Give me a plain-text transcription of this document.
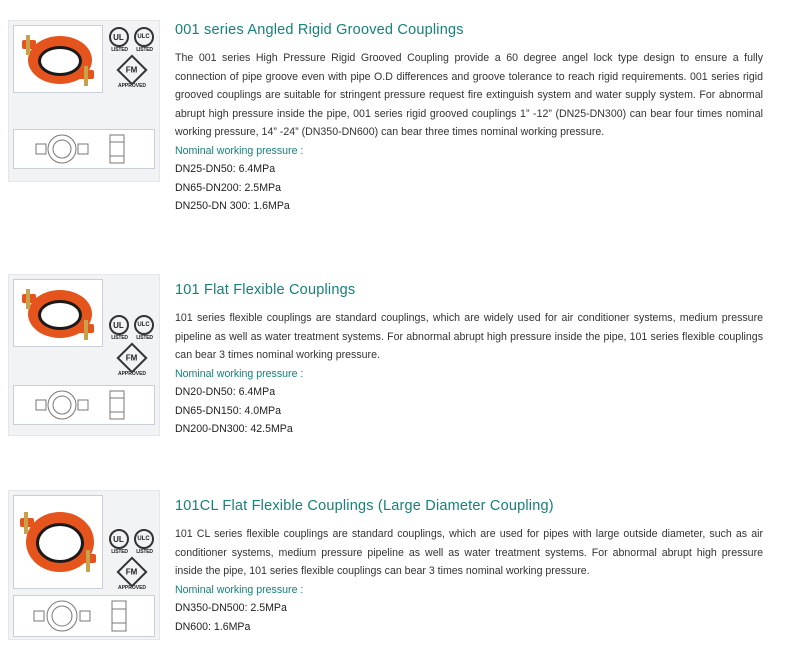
UL
LISTED
ULC
LISTED
FM
APPROVED
001 series Angled Rigid Grooved Couplings

The 001 series High Pressure Rigid Grooved Coupling provide a 60 degree angel lock type design to ensure a fully connection of pipe groove even with pipe O.D differences and groove tolerance to reach rigid requirements. 001 series rigid grooved couplings are suitable for stringent pressure request fire extinguish system and water supply system. For abnormal abrupt high pressure inside the pipe, 001 series rigid grooved couplings 1” -12” (DN25-DN300) can bear four times nominal working pressure, 14” -24” (DN350-DN600) can bear three times nominal working pressure.

Nominal working pressure :
DN25-DN50: 6.4MPa
DN65-DN200: 2.5MPa
DN250-DN 300: 1.6MPa
UL
LISTED
ULC
LISTED
FM
APPROVED
101 Flat Flexible Couplings

101 series flexible couplings are standard couplings, which are widely used for air conditioner systems, medium pressure pipeline as well as water treatment systems. For abnormal abrupt high pressure inside the pipe, 101 series flexible couplings can bear 3 times nominal working pressure.

Nominal working pressure :
DN20-DN50: 6.4MPa
DN65-DN150: 4.0MPa
DN200-DN300: 42.5MPa
UL
LISTED
ULC
LISTED
FM
APPROVED
101CL Flat Flexible Couplings (Large Diameter Coupling)

101 CL series flexible couplings are standard couplings, which are used for pipes with large outside diameter, such as air conditioner systems, medium pressure pipeline as well as water treatment systems. For abnormal abrupt high pressure inside the pipe, 101 series flexible couplings can bear 3 times nominal working pressure.

Nominal working pressure :
DN350-DN500: 2.5MPa
DN600: 1.6MPa
